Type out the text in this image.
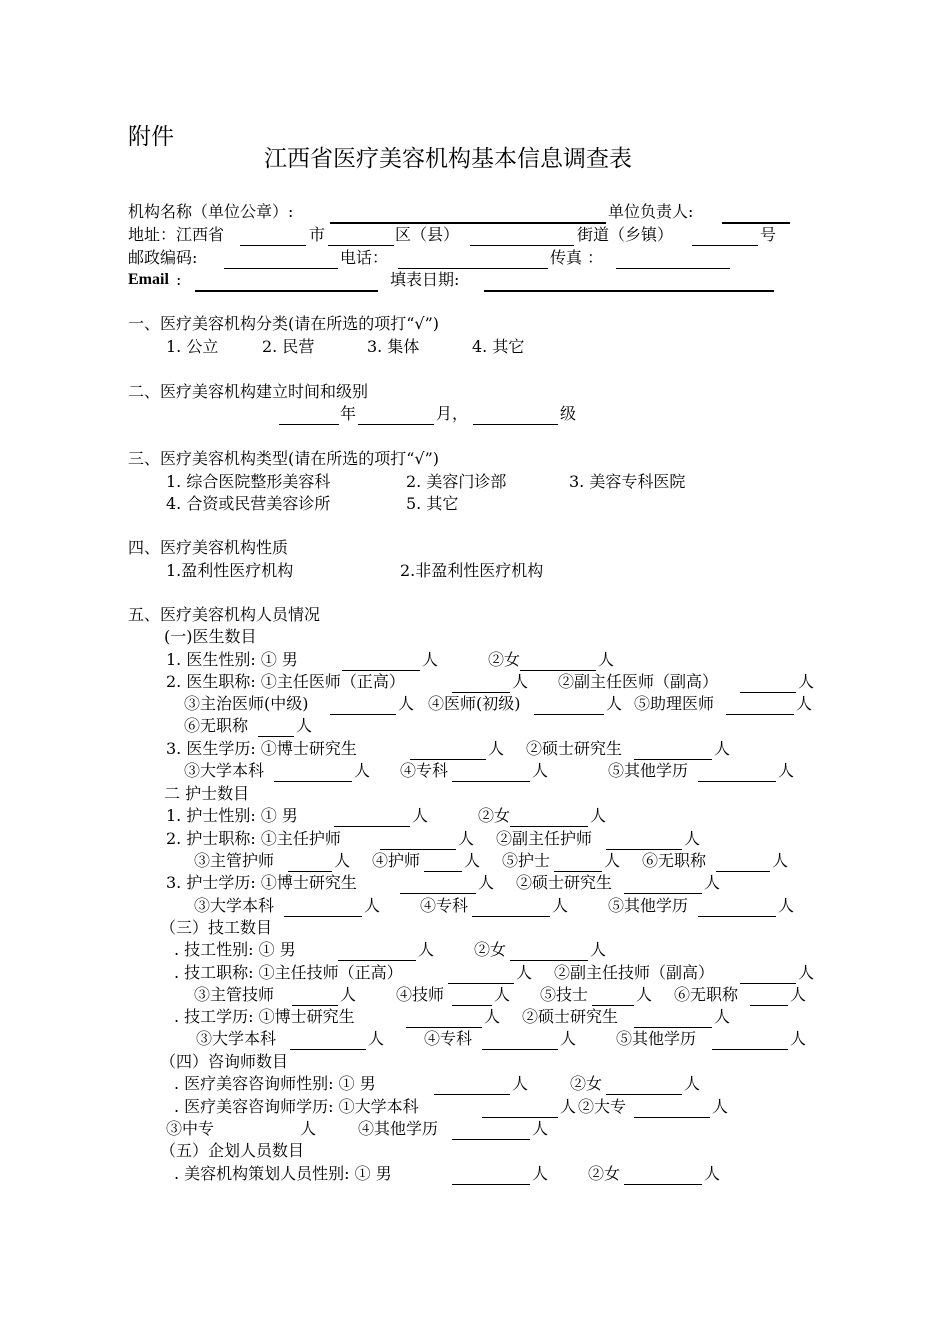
附件
江西省医疗美容机构基本信息调查表
机构名称（单位公章）:	单位负责人:
地址：江西省	市	区（县）	街道（乡镇）	号
邮政编码:	电话：	传真 ：
Email :	填表日期:
一、医疗美容机构分类(请在所选的项打“√”)
1. 公立	2. 民营	3. 集体	4. 其它
二、医疗美容机构建立时间和级别
年	月，	级
三、医疗美容机构类型(请在所选的项打“√”)
1. 综合医院整形美容科	2. 美容门诊部	3. 美容专科医院
4. 合资或民营美容诊所	5. 其它
四、医疗美容机构性质
1.盈利性医疗机构	2.非盈利性医疗机构
五、医疗美容机构人员情况
(一)医生数目
1. 医生性别: ① 男	人	②女	人
2. 医生职称: ①主任医师（正高）	人 ②副主任医师（副高）	人
③主治医师(中级)	人 ④医师(初级)	人 ⑤助理医师	人
⑥无职称	人
3. 医生学历: ①博士研究生	人 ②硕士研究生	人
③大学本科	人 ④专科	人	⑤其他学历	人
二 护士数目
1. 护士性别: ① 男	人	②女	人
2. 护士职称: ①主任护师	人 ②副主任护师	人
③主管护师	人 ④护师	人 ⑤护士	人 ⑥无职称	人
3. 护士学历: ①博士研究生	人 ②硕士研究生	人
③大学本科	人 ④专科	人 ⑤其他学历	人
（三）技工数目
. 技工性别: ① 男	人 ②女	人
. 技工职称: ①主任技师（正高）	人 ②副主任技师（副高）	人
③主管技师	人 ④技师	人 ⑤技士	人 ⑥无职称	人
. 技工学历: ①博士研究生	人 ②硕士研究生	人
③大学本科	人 ④专科	人 ⑤其他学历	人
（四）咨询师数目
. 医疗美容咨询师性别: ① 男	人	②女	人
. 医疗美容咨询师学历: ①大学本科	人 ②大专	人
③中专	人	④其他学历	人
（五）企划人员数目
. 美容机构策划人员性别: ① 男	人 ②女	人
